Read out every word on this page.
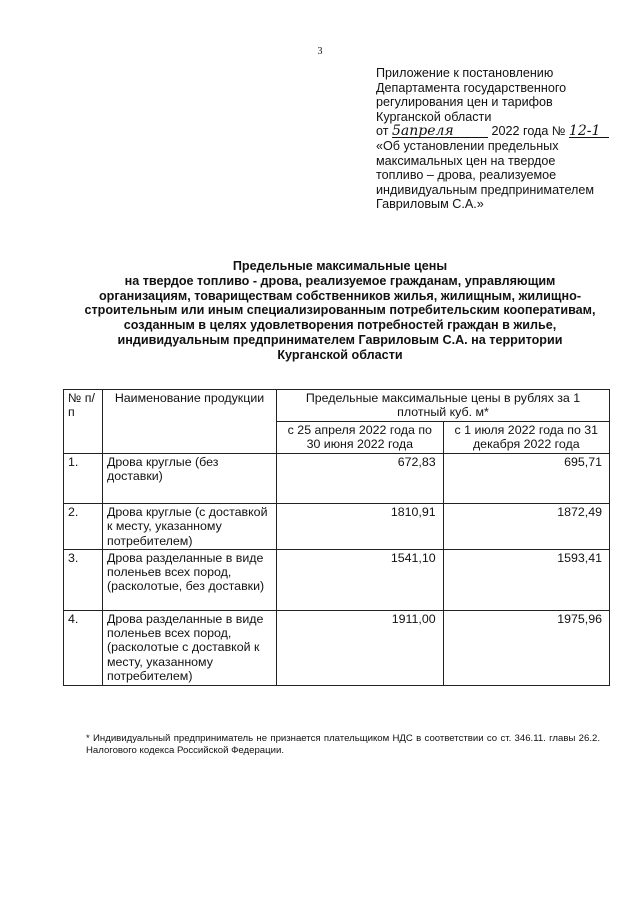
3
Приложение к постановлению
Департамента государственного
регулирования цен и тарифов
Курганской области
от 5апреля	2022 года № 12-1
«Об установлении предельных
максимальных цен на твердое
топливо – дрова, реализуемое
индивидуальным предпринимателем
Гавриловым С.А.»
Предельные максимальные цены
на твердое топливо - дрова, реализуемое гражданам, управляющим
организациям, товариществам собственников жилья, жилищным, жилищно-
строительным или иным специализированным потребительским кооперативам,
созданным в целях удовлетворения потребностей граждан в жилье,
индивидуальным предпринимателем Гавриловым С.А. на территории
Курганской области
№ п/п	Наименование продукции	Предельные максимальные цены в рублях за 1 плотный куб. м*	
		с 25 апреля 2022 года по 30 июня 2022 года	с 1 июля 2022 года по 31 декабря 2022 года
1.	Дрова круглые (без доставки)	672,83	695,71
2.	Дрова круглые (с доставкой к месту, указанному потребителем)	1810,91	1872,49
3.	Дрова разделанные в виде поленьев всех пород, (расколотые, без доставки)	1541,10	1593,41
4.	Дрова разделанные в виде поленьев всех пород, (расколотые с доставкой к месту, указанному потребителем)	1911,00	1975,96
* Индивидуальный предприниматель не признается плательщиком НДС в соответствии со ст. 346.11. главы 26.2. Налогового кодекса Российской Федерации.
